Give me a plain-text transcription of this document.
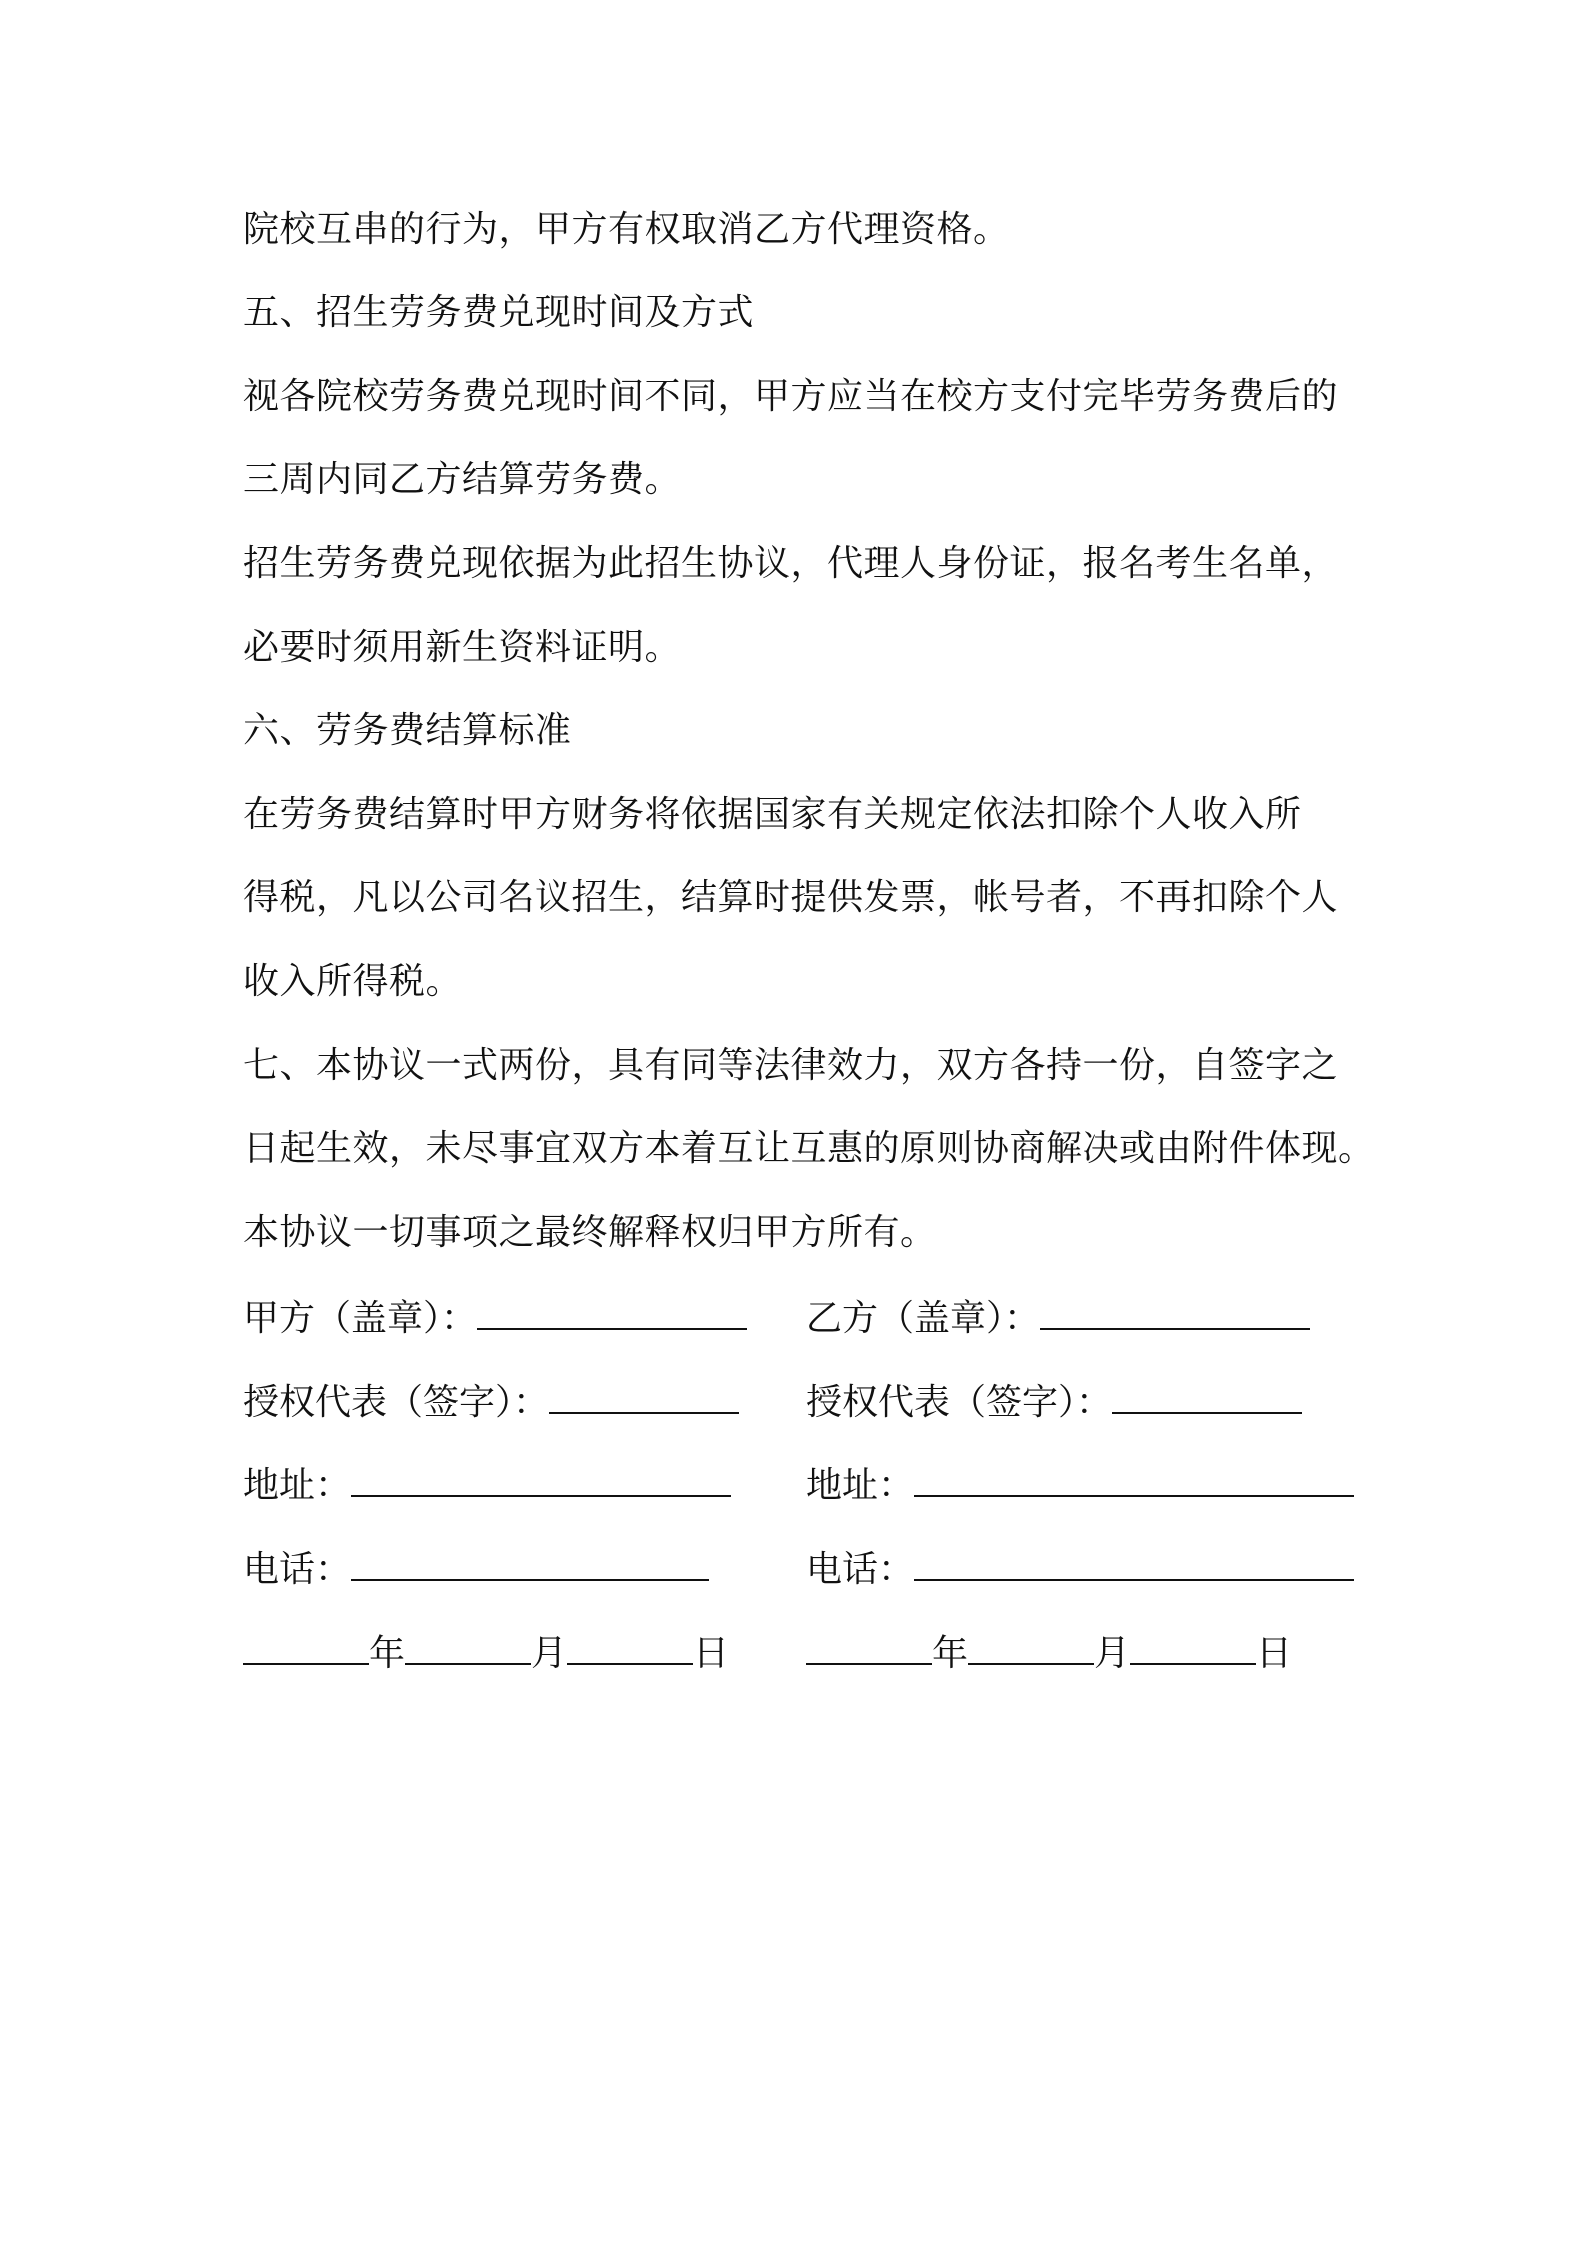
院校互串的行为，甲方有权取消乙方代理资格。
五、招生劳务费兑现时间及方式
视各院校劳务费兑现时间不同，甲方应当在校方支付完毕劳务费后的
三周内同乙方结算劳务费。
招生劳务费兑现依据为此招生协议，代理人身份证，报名考生名单，
必要时须用新生资料证明。
六、劳务费结算标准
在劳务费结算时甲方财务将依据国家有关规定依法扣除个人收入所
得税，凡以公司名议招生，结算时提供发票，帐号者，不再扣除个人
收入所得税。
七、本协议一式两份，具有同等法律效力，双方各持一份，自签字之
日起生效，未尽事宜双方本着互让互惠的原则协商解决或由附件体现。
本协议一切事项之最终解释权归甲方所有。
甲方（盖章）：	乙方（盖章）：
授权代表（签字）：	授权代表（签字）：
地址：	地址：
电话：	电话：
年	月	日	年	月	日
